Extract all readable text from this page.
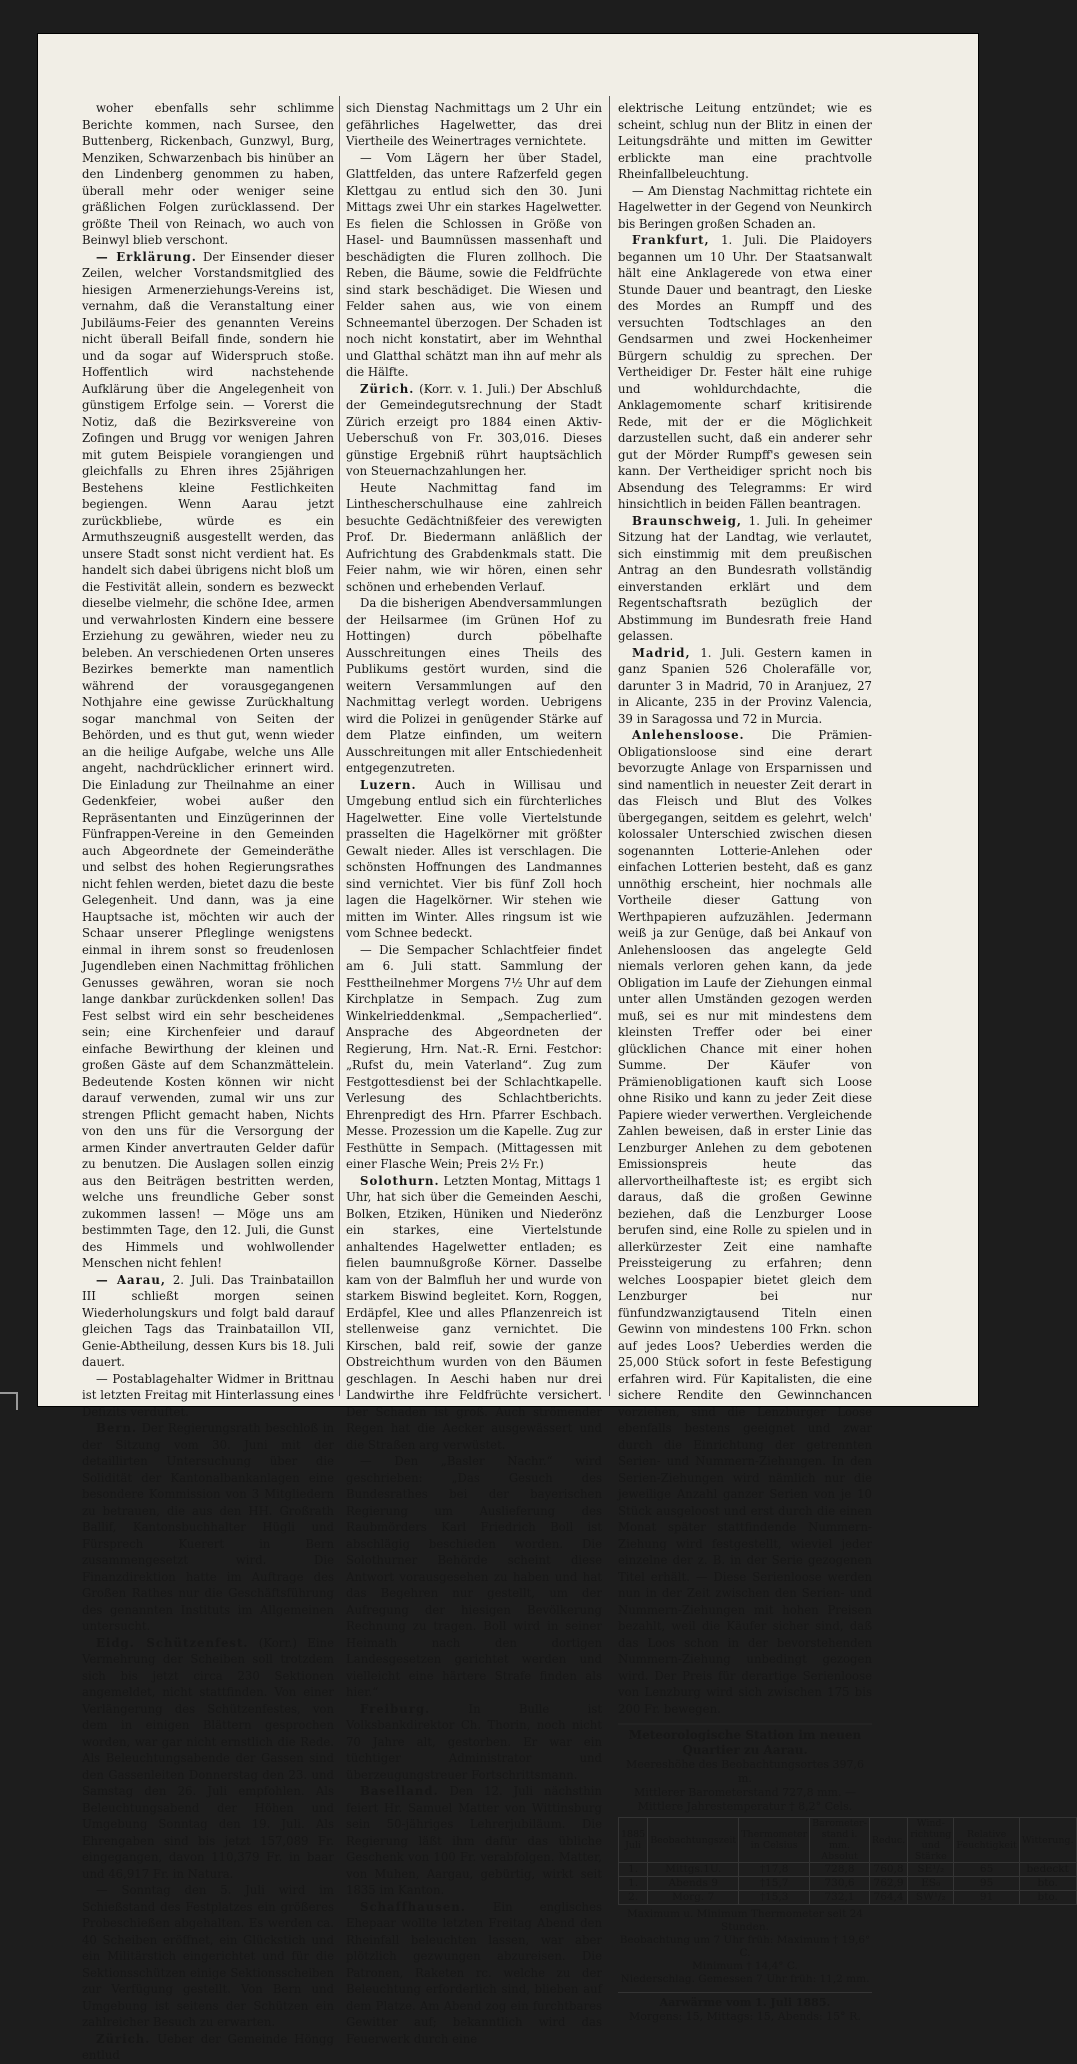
woher ebenfalls sehr schlimme Berichte kommen, nach Sursee, den Buttenberg, Rickenbach, Gunzwyl, Burg, Menziken, Schwarzenbach bis hinüber an den Lindenberg genommen zu haben, überall mehr oder weniger seine gräßlichen Folgen zurücklassend. Der größte Theil von Reinach, wo auch von Beinwyl blieb verschont.

— Erklärung. Der Einsender dieser Zeilen, welcher Vorstandsmitglied des hiesigen Armenerziehungs-Vereins ist, vernahm, daß die Veranstaltung einer Jubiläums-Feier des genannten Vereins nicht überall Beifall finde, sondern hie und da sogar auf Widerspruch stoße. Hoffentlich wird nachstehende Aufklärung über die Angelegenheit von günstigem Erfolge sein. — Vorerst die Notiz, daß die Bezirksvereine von Zofingen und Brugg vor wenigen Jahren mit gutem Beispiele vorangiengen und gleichfalls zu Ehren ihres 25jährigen Bestehens kleine Festlichkeiten begiengen. Wenn Aarau jetzt zurückbliebe, würde es ein Armuthszeugniß ausgestellt werden, das unsere Stadt sonst nicht verdient hat. Es handelt sich dabei übrigens nicht bloß um die Festivität allein, sondern es bezweckt dieselbe vielmehr, die schöne Idee, armen und verwahrlosten Kindern eine bessere Erziehung zu gewähren, wieder neu zu beleben. An verschiedenen Orten unseres Bezirkes bemerkte man namentlich während der vorausgegangenen Nothjahre eine gewisse Zurückhaltung sogar manchmal von Seiten der Behörden, und es thut gut, wenn wieder an die heilige Aufgabe, welche uns Alle angeht, nachdrücklicher erinnert wird. Die Einladung zur Theilnahme an einer Gedenkfeier, wobei außer den Repräsentanten und Einzügerinnen der Fünfrappen-Vereine in den Gemeinden auch Abgeordnete der Gemeinderäthe und selbst des hohen Regierungsrathes nicht fehlen werden, bietet dazu die beste Gelegenheit. Und dann, was ja eine Hauptsache ist, möchten wir auch der Schaar unserer Pfleglinge wenigstens einmal in ihrem sonst so freudenlosen Jugendleben einen Nachmittag fröhlichen Genusses gewähren, woran sie noch lange dankbar zurückdenken sollen! Das Fest selbst wird ein sehr bescheidenes sein; eine Kirchenfeier und darauf einfache Bewirthung der kleinen und großen Gäste auf dem Schanzmättelein. Bedeutende Kosten können wir nicht darauf verwenden, zumal wir uns zur strengen Pflicht gemacht haben, Nichts von den uns für die Versorgung der armen Kinder anvertrauten Gelder dafür zu benutzen. Die Auslagen sollen einzig aus den Beiträgen bestritten werden, welche uns freundliche Geber sonst zukommen lassen! — Möge uns am bestimmten Tage, den 12. Juli, die Gunst des Himmels und wohlwollender Menschen nicht fehlen!

— Aarau, 2. Juli. Das Trainbataillon III schließt morgen seinen Wiederholungskurs und folgt bald darauf gleichen Tags das Trainbataillon VII, Genie-Abtheilung, dessen Kurs bis 18. Juli dauert.

— Postablagehalter Widmer in Brittnau ist letzten Freitag mit Hinterlassung eines Defizits verduftet.

Bern. Der Regierungsrath beschloß in der Sitzung vom 30. Juni mit der detaillirten Untersuchung über die Solidität der Kantonalbankanlagen eine besondere Kommission von 3 Mitgliedern zu betrauen, die aus den HH. Großrath Ballif, Kantonsbuchhalter Hügli und Fürsprech Kuerert in Bern zusammengesetzt wird. Die Finanzdirektion hatte im Auftrage des Großen Rathes nur die Geschäftsführung des genannten Instituts im Allgemeinen untersucht.

Eidg. Schützenfest. (Korr.) Eine Vermehrung der Scheiben soll trotzdem sich bis jetzt circa 230 Sektionen angemeldet, nicht stattfinden. Von einer Verlängerung des Schützenfestes, von dem in einigen Blättern gesprochen worden, war gar nicht ernstlich die Rede. Als Beleuchtungsabende der Gassen sind den Gassenleiten Donnerstag den 23. und Samstag den 26. Juli empfohlen. Als Beleuchtungsabend der Höhen und Umgebung Sonntag den 19. Juli. Als Ehrengaben sind bis jetzt 157,089 Fr. eingegangen, davon 110,379 Fr. in baar und 46,917 Fr. in Natura.

— Sonntag den 5. Juli wird im Schießstand des Festplatzes ein größeres Probeschießen abgehalten. Es werden ca. 40 Scheiben eröffnet, ein Glückstich und ein Militärstich eingerichtet und für die Sektionsschützen einige Sektionsscheiben zur Verfügung gestellt. Von Bern und Umgebung ist seitens der Schützen ein zahlreicher Besuch zu erwarten.

Zürich. Ueber der Gemeinde Höngg entlud

sich Dienstag Nachmittags um 2 Uhr ein gefährliches Hagelwetter, das drei Viertheile des Weinertrages vernichtete.

— Vom Lägern her über Stadel, Glattfelden, das untere Rafzerfeld gegen Klettgau zu entlud sich den 30. Juni Mittags zwei Uhr ein starkes Hagelwetter. Es fielen die Schlossen in Größe von Hasel- und Baumnüssen massenhaft und beschädigten die Fluren zollhoch. Die Reben, die Bäume, sowie die Feldfrüchte sind stark beschädiget. Die Wiesen und Felder sahen aus, wie von einem Schneemantel überzogen. Der Schaden ist noch nicht konstatirt, aber im Wehnthal und Glatthal schätzt man ihn auf mehr als die Hälfte.

Zürich. (Korr. v. 1. Juli.) Der Abschluß der Gemeindegutsrechnung der Stadt Zürich erzeigt pro 1884 einen Aktiv-Ueberschuß von Fr. 303,016. Dieses günstige Ergebniß rührt hauptsächlich von Steuernachzahlungen her.

Heute Nachmittag fand im Linthescherschulhause eine zahlreich besuchte Gedächtnißfeier des verewigten Prof. Dr. Biedermann anläßlich der Aufrichtung des Grabdenkmals statt. Die Feier nahm, wie wir hören, einen sehr schönen und erhebenden Verlauf.

Da die bisherigen Abendversammlungen der Heilsarmee (im Grünen Hof zu Hottingen) durch pöbelhafte Ausschreitungen eines Theils des Publikums gestört wurden, sind die weitern Versammlungen auf den Nachmittag verlegt worden. Uebrigens wird die Polizei in genügender Stärke auf dem Platze einfinden, um weitern Ausschreitungen mit aller Entschiedenheit entgegenzutreten.

Luzern. Auch in Willisau und Umgebung entlud sich ein fürchterliches Hagelwetter. Eine volle Viertelstunde prasselten die Hagelkörner mit größter Gewalt nieder. Alles ist verschlagen. Die schönsten Hoffnungen des Landmannes sind vernichtet. Vier bis fünf Zoll hoch lagen die Hagelkörner. Wir stehen wie mitten im Winter. Alles ringsum ist wie vom Schnee bedeckt.

— Die Sempacher Schlachtfeier findet am 6. Juli statt. Sammlung der Festtheilnehmer Morgens 7½ Uhr auf dem Kirchplatze in Sempach. Zug zum Winkelrieddenkmal. „Sempacherlied“. Ansprache des Abgeordneten der Regierung, Hrn. Nat.-R. Erni. Festchor: „Rufst du, mein Vaterland“. Zug zum Festgottesdienst bei der Schlachtkapelle. Verlesung des Schlachtberichts. Ehrenpredigt des Hrn. Pfarrer Eschbach. Messe. Prozession um die Kapelle. Zug zur Festhütte in Sempach. (Mittagessen mit einer Flasche Wein; Preis 2½ Fr.)

Solothurn. Letzten Montag, Mittags 1 Uhr, hat sich über die Gemeinden Aeschi, Bolken, Etziken, Hüniken und Niederönz ein starkes, eine Viertelstunde anhaltendes Hagelwetter entladen; es fielen baumnußgroße Körner. Dasselbe kam von der Balmfluh her und wurde von starkem Biswind begleitet. Korn, Roggen, Erdäpfel, Klee und alles Pflanzenreich ist stellenweise ganz vernichtet. Die Kirschen, bald reif, sowie der ganze Obstreichthum wurden von den Bäumen geschlagen. In Aeschi haben nur drei Landwirthe ihre Feldfrüchte versichert. Der Schaden ist groß. Auch strömender Regen hat die Aecker ausgewässert und die Straßen arg verwüstet.

— Den „Basler Nachr.“ wird geschrieben: „Das Gesuch des Bundesrathes bei der bayerischen Regierung um Auslieferung des Raubmörders Karl Friedrich Boll ist abschlägig beschieden worden. Die Solothurner Behörde scheint diese Antwort vorausgesehen zu haben und hat das Begehren nur gestellt, um der Aufregung der hiesigen Bevölkerung Rechnung zu tragen. Boll wird in seiner Heimath nach den dortigen Landesgesetzen gerichtet werden und vielleicht eine härtere Strafe finden als hier.“

Freiburg.	In Bulle ist Volksbankdirektor Ch. Thorin, noch nicht 70 Jahre alt, gestorben. Er war ein tüchtiger Administrator und überzeugungstreuer Fortschrittsmann.

Baselland. Den 12. Juli nächsthin feiert Hr. Samuel Matter von Wittinsburg sein 50-jähriges Lehrerjubiläum. Die Regierung läßt ihm dafür das übliche Geschenk von 100 Fr. verabfolgen. Matter, von Muhen, Aargau, gebürtig, wirkt seit 1835 im Kanton.

Schaffhausen. Ein englisches Ehepaar wollte letzten Freitag Abend den Rheinfall beleuchten lassen, war aber plötzlich gezwungen abzureisen. Die Patronen, Raketen rc. welche zu der Beleuchtung erforderlich sind, blieben auf dem Platze. Am Abend zog ein furchtbares Gewitter auf; bekanntlich wird das Feuerwerk durch eine

elektrische Leitung entzündet; wie es scheint, schlug nun der Blitz in einen der Leitungsdrähte und mitten im Gewitter erblickte man eine prachtvolle Rheinfallbeleuchtung.

— Am Dienstag Nachmittag richtete ein Hagelwetter in der Gegend von Neunkirch bis Beringen großen Schaden an.

Frankfurt, 1. Juli. Die Plaidoyers begannen um 10 Uhr. Der Staatsanwalt hält eine Anklagerede von etwa einer Stunde Dauer und beantragt, den Lieske des Mordes an Rumpff und des versuchten Todtschlages an den Gendsarmen und zwei Hockenheimer Bürgern schuldig zu sprechen. Der Vertheidiger Dr. Fester hält eine ruhige und wohldurchdachte, die Anklagemomente scharf kritisirende Rede, mit der er die Möglichkeit darzustellen sucht, daß ein anderer sehr gut der Mörder Rumpff's gewesen sein kann. Der Vertheidiger spricht noch bis Absendung des Telegramms: Er wird hinsichtlich in beiden Fällen beantragen.

Braunschweig, 1. Juli. In geheimer Sitzung hat der Landtag, wie verlautet, sich einstimmig mit dem preußischen Antrag an den Bundesrath vollständig einverstanden erklärt und dem Regentschaftsrath bezüglich der Abstimmung im Bundesrath freie Hand gelassen.

Madrid, 1. Juli. Gestern kamen in ganz Spanien 526 Cholerafälle vor, darunter 3 in Madrid, 70 in Aranjuez, 27 in Alicante, 235 in der Provinz Valencia, 39 in Saragossa und 72 in Murcia.

Anlehensloose. Die Prämien-Obligationsloose sind eine derart bevorzugte Anlage von Ersparnissen und sind namentlich in neuester Zeit derart in das Fleisch und Blut des Volkes übergegangen, seitdem es gelehrt, welch' kolossaler Unterschied zwischen diesen sogenannten Lotterie-Anlehen oder einfachen Lotterien besteht, daß es ganz unnöthig erscheint, hier nochmals alle Vortheile dieser Gattung von Werthpapieren aufzuzählen. Jedermann weiß ja zur Genüge, daß bei Ankauf von Anlehensloosen das angelegte Geld niemals verloren gehen kann, da jede Obligation im Laufe der Ziehungen einmal unter allen Umständen gezogen werden muß, sei es nur mit mindestens dem kleinsten Treffer oder bei einer glücklichen Chance mit einer hohen Summe. Der Käufer von Prämienobligationen kauft sich Loose ohne Risiko und kann zu jeder Zeit diese Papiere wieder verwerthen. Vergleichende Zahlen beweisen, daß in erster Linie das Lenzburger Anlehen zu dem gebotenen Emissionspreis heute das allervortheilhafteste ist; es ergibt sich daraus, daß die großen Gewinne beziehen, daß die Lenzburger Loose berufen sind, eine Rolle zu spielen und in allerkürzester Zeit eine namhafte Preissteigerung zu erfahren; denn welches Loospapier bietet gleich dem Lenzburger bei nur fünfundzwanzigtausend Titeln einen Gewinn von mindestens 100 Frkn. schon auf jedes Loos? Ueberdies werden die 25,000 Stück sofort in feste Befestigung erfahren wird. Für Kapitalisten, die eine sichere Rendite den Gewinnchancen vorziehen, sind die Lenzburger Loose ebenfalls bestens geeignet und zwar durch die Einrichtung der getrennten Serien- und Nummern-Ziehungen. In den Serien-Ziehungen wird nämlich nur die jeweilige Anzahl ganzer Serien von je 10 Stück ausgeloost und erst durch die einen Monat später stattfindende Nummern-Ziehung wird festgestellt, wieviel jeder einzelne der z. B. in der Serie gezogenen Titel erhält. — Diese Serienloose werden nun in der Zeit zwischen den Serien- und Nummern-Ziehungen mit hohen Preisen bezahlt, weil die Käufer sicher sind, daß das Loos schon in der bevorstehenden Nummern-Ziehung unbedingt gezogen wird. Der Preis für derartige Serienloose von Lenzburg wird sich zwischen 175 bis 200 Fr. bewegen.

Meteorologische Station im neuen Quartier zu Aarau.
Meereshöhe des Beobachtungsortes 397,6 m.
Mittlerer Barometerstand 727,8 mm. —Mittlere Jahrestemperatur † 8,2° Cels.
1885 Juli	Beobachtungszeit	Thermometer in Celsius	Barometer-stand i. mm. Absolut	Reduc.	Wind-richtung und Stärke	Relative Feuchtigkeit	Witterung.
1.	Mittgs.1U.	†17,8	728,8	760,8	SE¹/₂	65	bedeckt
1.	Abends 9	†15,7	730,6	762,9	ES₀	95	bto.
2.	Morg. 7	†15,3	732,1	764,4	SW¹/₂	91	bto.
Maximum u. Minimum Thermometer seit 24 Stunden.
Beobachtung um 7 Uhr früh: Maximum † 19,6° C.
Minimum † 14,4° C.
Niederschlag. Gemessen 7 Uhr früh: 11,2 mm.
Aarwärme vom 1. Juli 1885.
Morgens: 15, Mittags: 15, Abends: 15° R.
